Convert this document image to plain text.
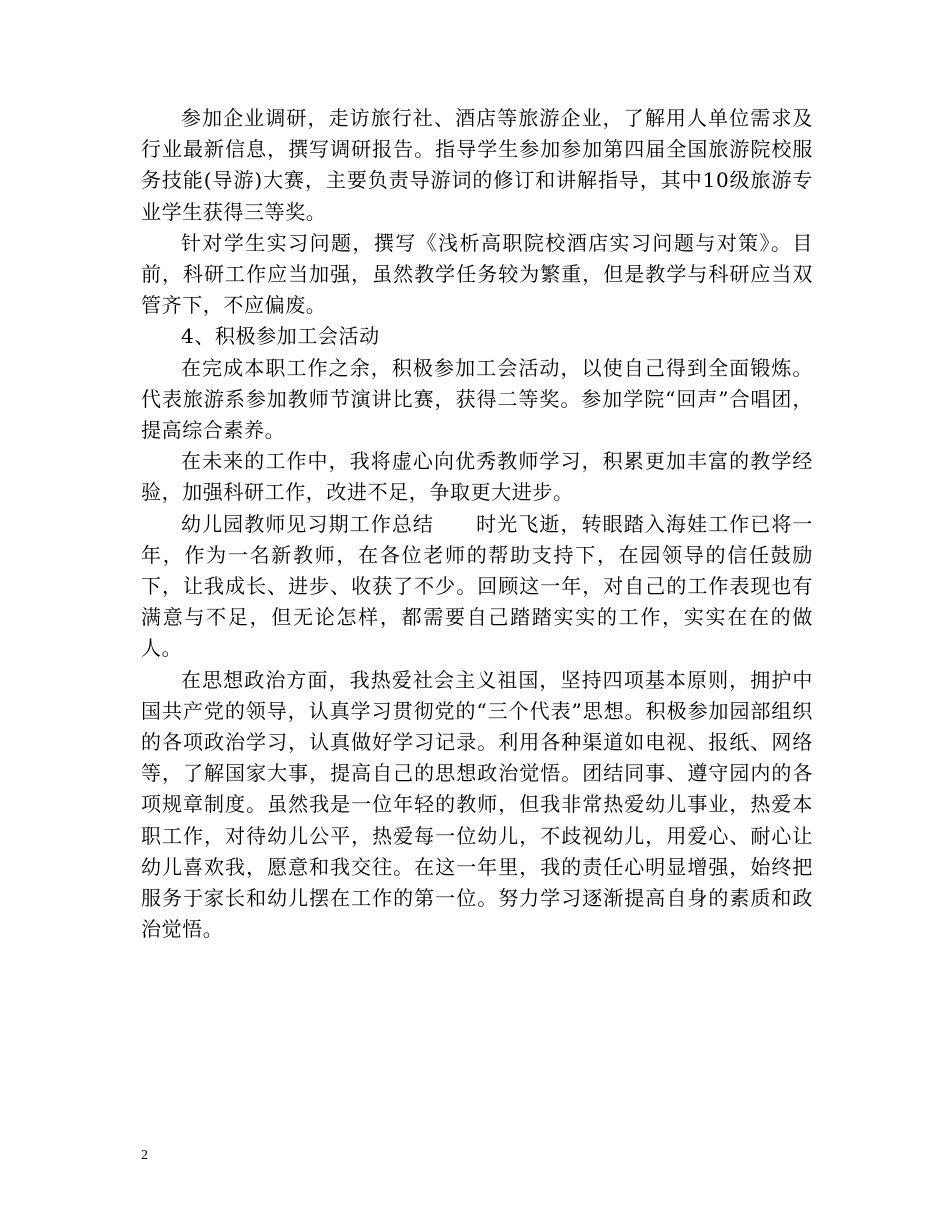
参加企业调研，走访旅行社、酒店等旅游企业，了解用人单位需求及行业最新信息，撰写调研报告。指导学生参加参加第四届全国旅游院校服务技能(导游)大赛，主要负责导游词的修订和讲解指导，其中10级旅游专业学生获得三等奖。

针对学生实习问题，撰写《浅析高职院校酒店实习问题与对策》。目前，科研工作应当加强，虽然教学任务较为繁重，但是教学与科研应当双管齐下，不应偏废。

4、积极参加工会活动

在完成本职工作之余，积极参加工会活动，以使自己得到全面锻炼。代表旅游系参加教师节演讲比赛，获得二等奖。参加学院“回声”合唱团，提高综合素养。

在未来的工作中，我将虚心向优秀教师学习，积累更加丰富的教学经验，加强科研工作，改进不足，争取更大进步。

幼儿园教师见习期工作总结　　时光飞逝，转眼踏入海娃工作已将一年，作为一名新教师，在各位老师的帮助支持下，在园领导的信任鼓励下，让我成长、进步、收获了不少。回顾这一年，对自己的工作表现也有满意与不足，但无论怎样，都需要自己踏踏实实的工作，实实在在的做人。

在思想政治方面，我热爱社会主义祖国，坚持四项基本原则，拥护中国共产党的领导，认真学习贯彻党的“三个代表”思想。积极参加园部组织的各项政治学习，认真做好学习记录。利用各种渠道如电视、报纸、网络等，了解国家大事，提高自己的思想政治觉悟。团结同事、遵守园内的各项规章制度。虽然我是一位年轻的教师，但我非常热爱幼儿事业，热爱本职工作，对待幼儿公平，热爱每一位幼儿，不歧视幼儿，用爱心、耐心让幼儿喜欢我，愿意和我交往。在这一年里，我的责任心明显增强，始终把服务于家长和幼儿摆在工作的第一位。努力学习逐渐提高自身的素质和政治觉悟。

2
